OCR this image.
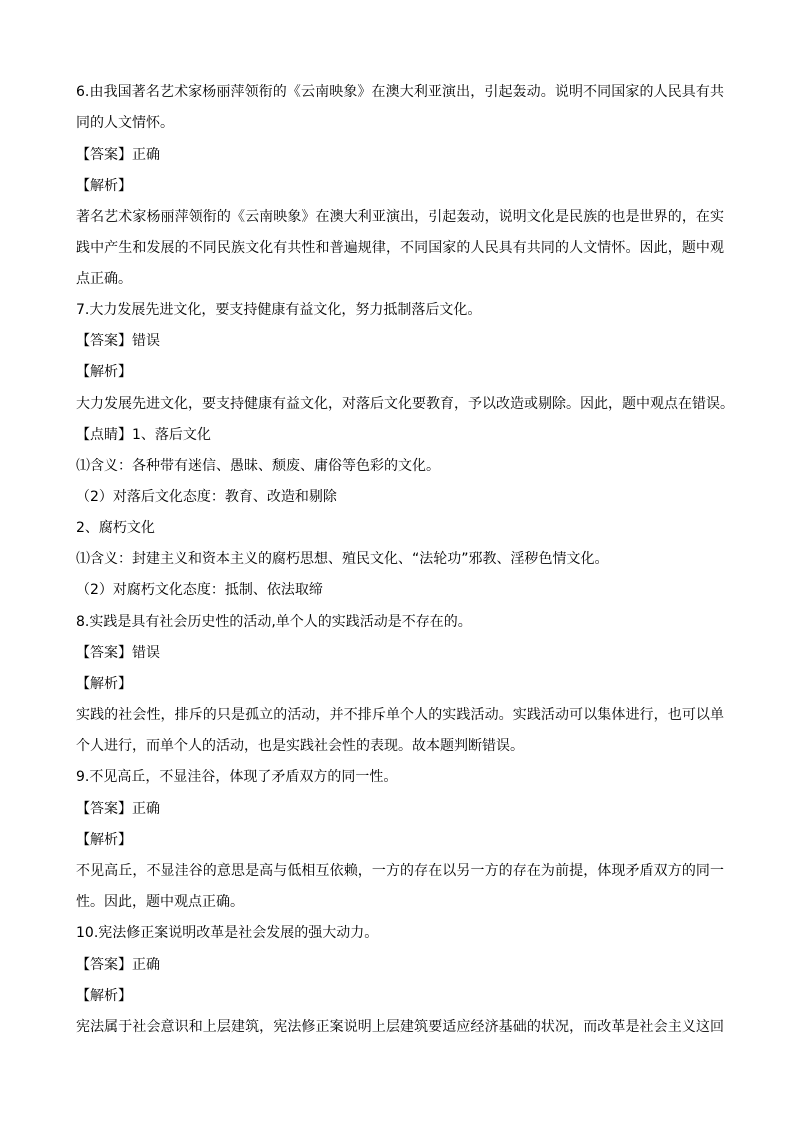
6.由我国著名艺术家杨丽萍领衔的《云南映象》在澳大利亚演出，引起轰动。说明不同国家的人民具有共
同的人文情怀。
【答案】正确
【解析】
著名艺术家杨丽萍领衔的《云南映象》在澳大利亚演出，引起轰动，说明文化是民族的也是世界的，在实
践中产生和发展的不同民族文化有共性和普遍规律，不同国家的人民具有共同的人文情怀。因此，题中观
点正确。
7.大力发展先进文化，要支持健康有益文化，努力抵制落后文化。
【答案】错误
【解析】
大力发展先进文化，要支持健康有益文化，对落后文化要教育，予以改造或剔除。因此，题中观点在错误。
【点睛】1、落后文化
⑴含义：各种带有迷信、愚昧、颓废、庸俗等色彩的文化。
（2）对落后文化态度：教育、改造和剔除
2、腐朽文化
⑴含义：封建主义和资本主义的腐朽思想、殖民文化、“法轮功”邪教、淫秽色情文化。
（2）对腐朽文化态度：抵制、依法取缔
8.实践是具有社会历史性的活动,单个人的实践活动是不存在的。
【答案】错误
【解析】
实践的社会性，排斥的只是孤立的活动，并不排斥单个人的实践活动。实践活动可以集体进行，也可以单
个人进行，而单个人的活动，也是实践社会性的表现。故本题判断错误。
9.不见高丘，不显洼谷，体现了矛盾双方的同一性。
【答案】正确
【解析】
不见高丘，不显洼谷的意思是高与低相互依赖，一方的存在以另一方的存在为前提，体现矛盾双方的同一
性。因此，题中观点正确。
10.宪法修正案说明改革是社会发展的强大动力。
【答案】正确
【解析】
宪法属于社会意识和上层建筑，宪法修正案说明上层建筑要适应经济基础的状况，而改革是社会主义这回
